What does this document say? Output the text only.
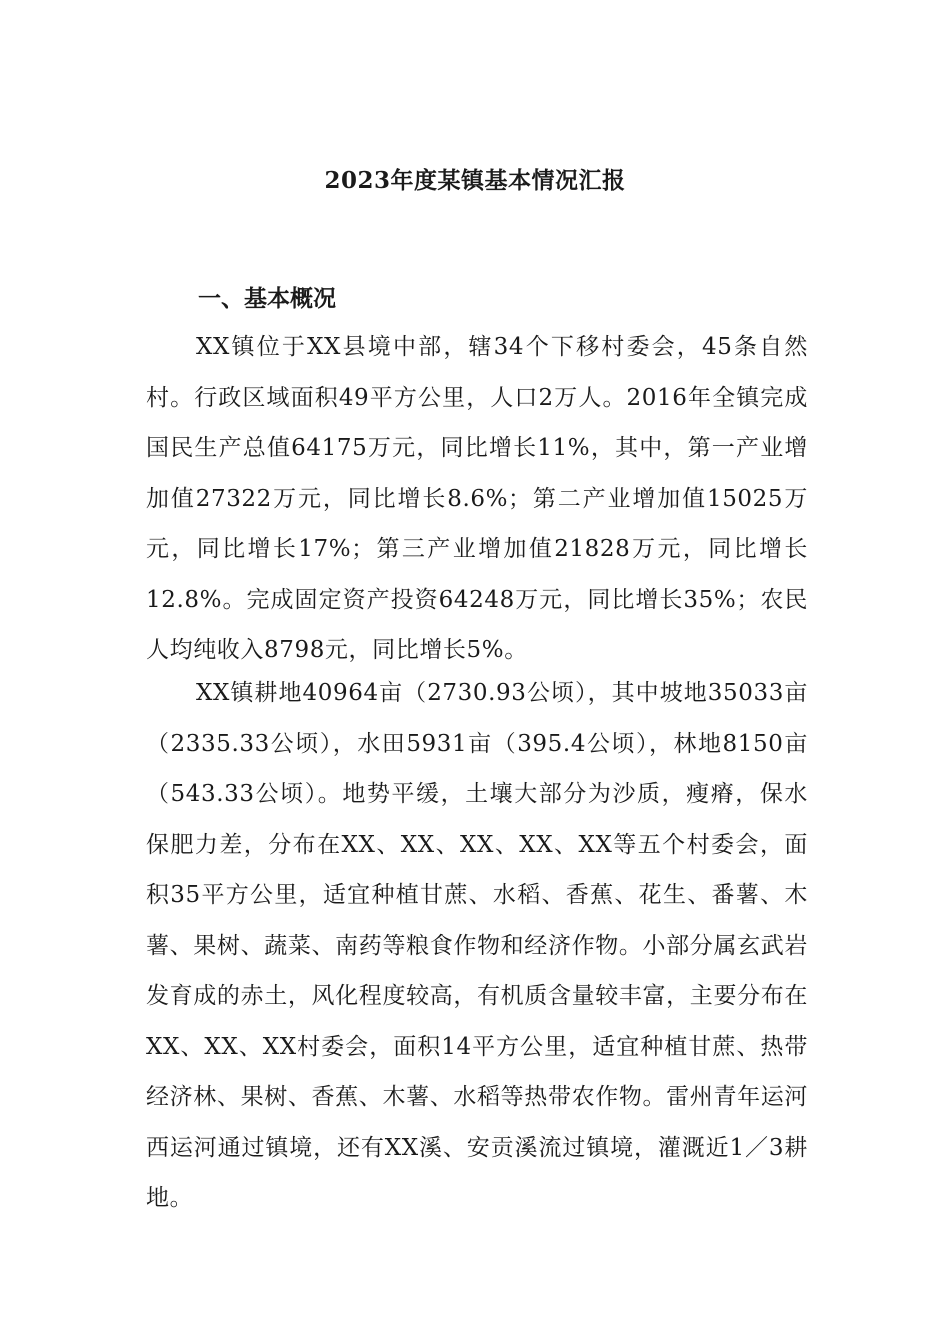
2023年度某镇基本情况汇报
一、基本概况

XX镇位于XX县境中部，辖34个下移村委会，45条自然村。行政区域面积49平方公里，人口2万人。2016年全镇完成国民生产总值64175万元，同比增长11%，其中，第一产业增加值27322万元，同比增长8.6%；第二产业增加值15025万元，同比增长17%；第三产业增加值21828万元，同比增长12.8%。完成固定资产投资64248万元，同比增长35%；农民人均纯收入8798元，同比增长5%。

XX镇耕地40964亩（2730.93公顷），其中坡地35033亩（2335.33公顷），水田5931亩（395.4公顷），林地8150亩（543.33公顷）。地势平缓，土壤大部分为沙质，瘦瘠，保水保肥力差，分布在XX、XX、XX、XX、XX等五个村委会，面积35平方公里，适宜种植甘蔗、水稻、香蕉、花生、番薯、木薯、果树、蔬菜、南药等粮食作物和经济作物。小部分属玄武岩发育成的赤土，风化程度较高，有机质含量较丰富，主要分布在XX、XX、XX村委会，面积14平方公里，适宜种植甘蔗、热带经济林、果树、香蕉、木薯、水稻等热带农作物。雷州青年运河西运河通过镇境，还有XX溪、安贡溪流过镇境，灌溉近1／3耕地。
